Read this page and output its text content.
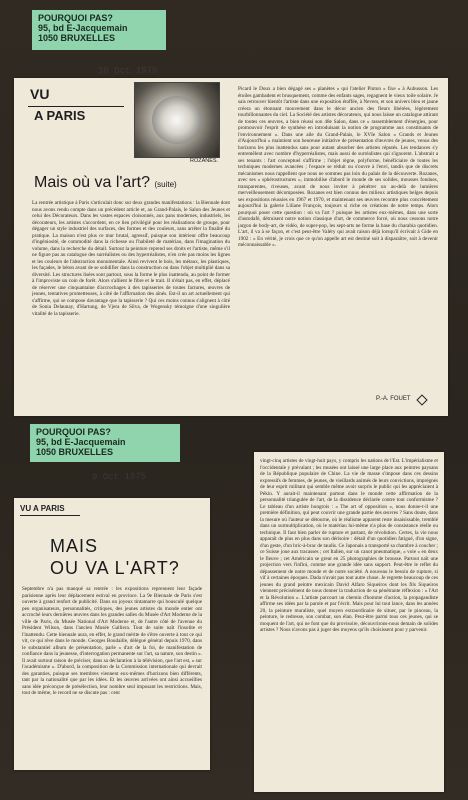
POURQUOI PAS?
95, bd E-Jacquemain
1050 BRUXELLES
30 Oct 1975
VU
A PARIS
ROZANES.
Mais où va l'art? (suite)
La rentrée artistique à Paris s'articulait donc sur deux grandes manifestations : la Biennale dont nous avons rendu compte dans un précédent article et, au Grand-Palais, le Salon des Jeunes et celui des Décorateurs. Dans les vastes espaces cloisonnés, aux pans modernes, industriels, les décorateurs, les artistes s'accordent, en ce lieu privilégié pour les réalisations de groupe, pour dégager un style industriel des surfaces, des formes et des couleurs, sans arrêter la finalité du pratique. La maison n'est plus ce mur brutal, agressif, puisque son intérieur offre beaucoup d'ingéniosité, de commodité dans la richesse ou l'habileté de matériau, dans l'imagination du volume, dans la recherche du détail. Surtout la peinture reprend ses droits et l'artiste, même s'il ne figure pas au catalogue des surréalistes ou des hyperréalistes, n'en crée pas moins les lignes et les couleurs de l'abstraction monumentale. Ainsi revivent le bois, les métaux, les plastiques, les façades, le béton avant de se solidifier dans la construction ou dans l'objet multiplié dans sa diversité. Les structures lisées sont partout, sous la forme le plus inattendu, au point de former à l'improviste un coin de forêt. Alors s'allient le fibre et le trait. Il n'était pas, en effet, déplacé de réserver une cinquantaine d'accrochages à des tapisseries de toutes factures, œuvres de jeunes, tentatives prometteuses, à côté de l'affirmation des aînés. Est-il un art actuellement qui s'affirme, qui se compose davantage que la tapisserie ? Qui ces moins connus s'alignent à côté de Sonia Delaunay, d'Hartung, de Vjera de Silva, de Wogensky témoigne d'une singulière vitalité de la tapisserie.
Picard le Doux a bien dégagé ses « planètes » qui l'atelier Pinton « fixe » à Aubusson. Les étoiles gambadent et brusquement, comme des enfants sages, regagnent le vieux toile solaire. Je sais retrouver bientôt l'artiste dans une exposition étoffée, à Nevers, et son univers bleu et jaune créera un étonnant mouvement dans le décor ancien des fleurs libérées, légèrement tourbillonnantes du ciel. La Société des artistes décorateurs, qui nous laisse un catalogue attirant de toutes ces œuvres, a bien réussi son 48e Salon, dans ce « rassemblement d'énergies, pour promouvoir l'esprit de synthèse en introduisant la notion de programme aux constituants de l'environnement ». Dans une aile du Grand-Palais, le XVIe Salon « Grands et Jeunes d'Aujourd'hui » maintient son heureuse initiative de présentation d'œuvres de jeunes, venus des horizons les plus inattendus sans pour autant absorber des artistes réputés. Les tendances s'y entremêlent avec nombre d'hyperréalistes, mais aussi de surréalistes qui s'ignorent. L'abstrait a ses tenants : l'art conceptuel s'affirme ; l'objet règne, polyforme, bénéficiaire de toutes les techniques modernes avancées ; l'espace se réduit ou s'ouvre à l'envi, tandis que de discrets mécanismes nous rappellent que nous ne sommes pas loin du palais de la découverte. Rozanes, avec ses « sphérostructures », immobilise d'abord le monde de ses solides, mousses fondues, transparentes, riveuses, avant de nous inviter à pénétrer un au-delà de lumières merveilleusement décomposées. Rozanes est bien connus des milieux artistiques belges depuis ses expositions réussies en 1967 et 1970, et maintenant ses œuvres recontre plus concrètement aujourd'hui la galerie Liliane François, toujours si riche en créations de notre temps. Alors pourquoi poser cette question : où va l'art ? puisque les artistes eux-mêmes, dans une sorte d'autodafé, détruisent notre notion classique d'art, de commerce forcé, où nous cessons notre jargon de body-art, de vidéo, de super-pop, les sept-arts ne forme la base du charabia quotidien. L'art, il va à se façon, et c'est peut-être Valéry qui avait raison déjà lorsqu'il écrivait à Gide en 1902 : « En vérité, je crois que ce qu'on appelle art est destiné soit à disparaître, soit à devenir méconnaissable ».
P.-A. FOUET
POURQUOI PAS?
95, bd E-Jacquemain
1050 BRUXELLES
9 Oct 1975
VU A PARIS
MAIS
OU VA L'ART?
Septembre n'a pas manqué sa rentrée : les expositions reprennent leur façade parisienne après leur déplacement estival en province. La 9e Biennale de Paris s'est ouverte à grand renfort de publicité. Dans un joyeux tintamarre qui bousculé quelque peu organisateurs, personnalités, critiques, des jeunes artistes du monde entier ont accroché leurs dernières œuvres dans les grandes salles du Musée d'Art Moderne de la ville de Paris, du Musée National d'Art Moderne et, de l'autre côté de l'avenue du Président Wilson, dans l'ancien Musée Galliera. Tout de suite naît l'insolite et l'inattendu. Cette biennale aura, en effet, le grand mérite de s'être ouverte à tout ce qui vit, ce qui rêve dans le monde. Georges Boudaille, délégué général depuis 1970, dans le substantiel album de présentation, parle « d'art de la foi, de manifestation de confiance dans la jeunesse, d'interrogation permanente sur l'art, sa nature, son destin ». Il avait surtout raison de préciser, dans sa déclaration à la télévision, que l'art est, « sur l'académisme ». D'abord, la composition de la Commission internationale qui devrait des garanties, puisque ses membres viennent eux-mêmes d'horizons bien différents, tant par la nationalité que par les idées. Et les œuvres arrivées ont ainsi accueillies sans idée préconçue de présélection, leur nombre seul imposant les restrictions. Mais, tout de même, le record ne se discute pas : cent
vingt-cinq artistes de vingt-huit pays, y compris les nations de l'Est. L'impérialisme et l'occidentale y prévalant ; les musées ont laissé une large place aux peintres paysans de la République populaire de Chine. La vie de masse s'impose dans ces dessins expressifs de femmes, de jeunes, de vieillards animés de leurs convictions, imprégnés de leur esprit militant qui semble même avoir surpris le public qui les appréciaient à Pékin. Y aurait-il maintenant partout dans le monde cette affirmation de la personnalité triangulée de l'art, de la dissidence déclarée contre tout conformisme ? Le tableau d'un artiste hongrois : « The art of opposition », nous donne-t-il une première définition, qui peut couvrir une grande partie des œuvres ? Sans doute, dans la mesure où l'auteur se détourne, où le réalisme apparent reste insaisissable, tremblé dans un surmultiplication, où le matériau lui-même n'a plus de consistance réelle ou technique. Il faut bien parler de rupture et partant, de révolution. Certes, la vie nous apparaît de plus en plus dans son dérisoire : détail d'un quotidien fatigué, d'un signe, d'un geste, d'un bric-à-brac de taudis. Ce Japonais a transporté sa chambre à coucher ; ce Suisse joue aux tracasses ; cet Italien, sur un canot pneumatique, « voie » en deux le fleuve ; cet Américain se greut en 25 photographies de brousse. Partout naît une projection vers l'infini, comme une grande idée sans support. Peut-être le reflet du dépassement de notre monde et de notre société. A nouveau le besoin de rupture, si vif à certaines époques. Dada n'avait pas tout autre chose. Je regrette beaucoup de ces jeunes du grand peintre mexicain David Alfaro Siqueiros dont les fils Siqueiros viennent précisément de nous donner la traduction de sa pénétrante réflexion : « l'Art et la Révolution ». L'artiste parcourt un chemin d'homme d'action, la propagandiste affirme ses idées par la parole et par l'écrit. Mais pour lui tout lance, dans les années 20, la peinture muraliste, quel moyen extraordinaire de situer, par le pinceau, la peinture, le redresse, son combat, son élan. Peut-être parmi tous ces jeunes, qui se moquent de l'art, qui ne font que du provisoire, découvrirons-nous demain de solides artistes ? Nous n'avons pas à juger des moyens qu'ils choisissent pour y parvenir.
